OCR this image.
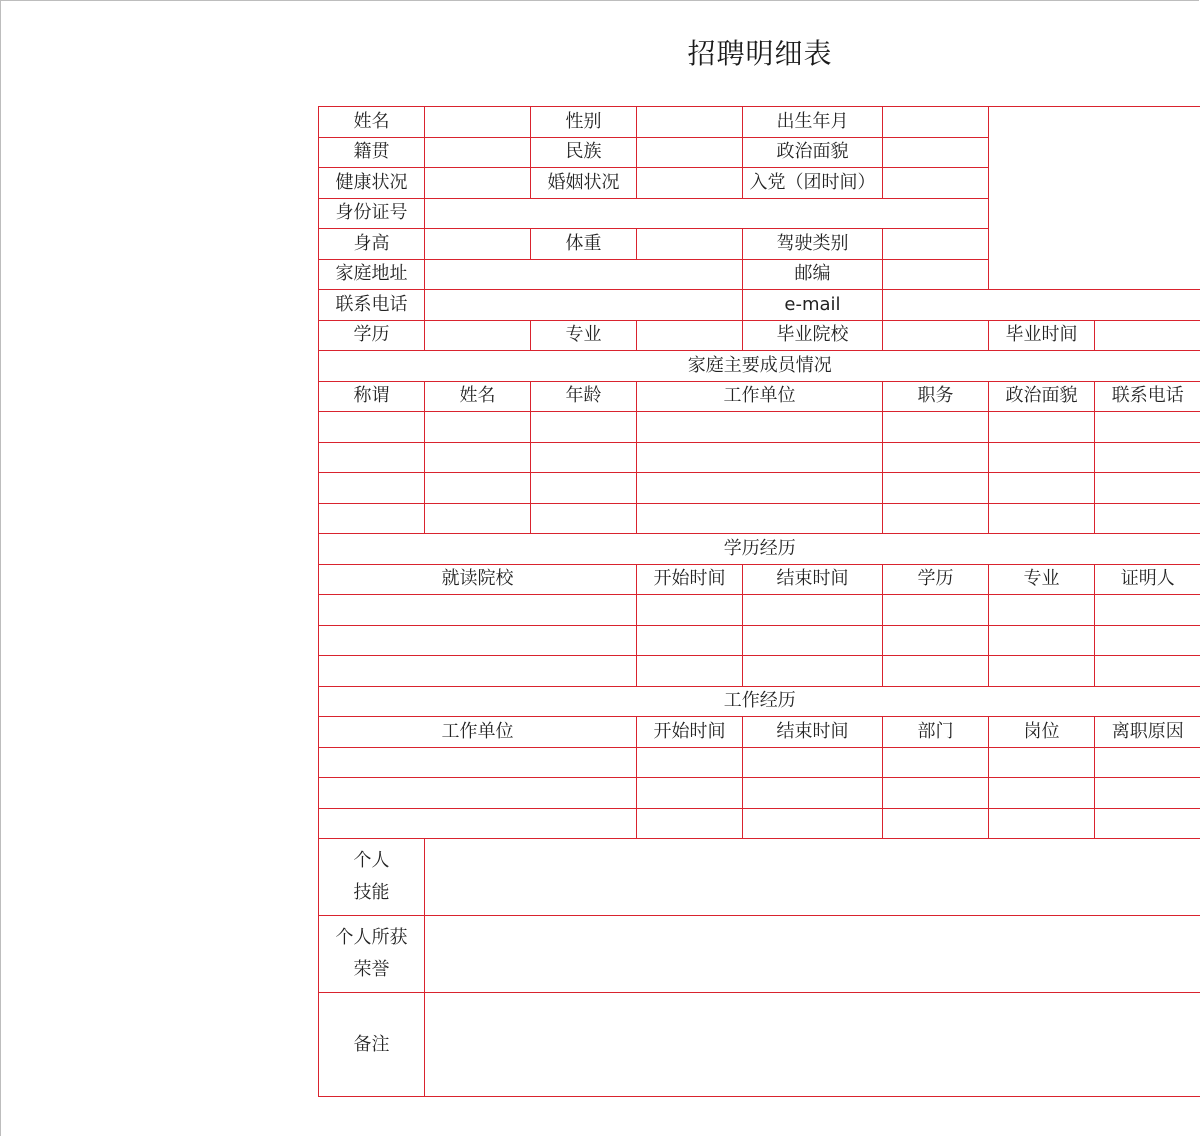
招聘明细表
姓名		性别		出生年月			
籍贯		民族		政治面貌			
健康状况		婚姻状况		入党（团时间）			
身份证号							
身高		体重		驾驶类别			
家庭地址				邮编			
联系电话				e-mail			
学历		专业		毕业院校		毕业时间	
家庭主要成员情况							
称谓	姓名	年龄	工作单位		职务	政治面貌	联系电话

学历经历							
就读院校			开始时间	结束时间	学历	专业	证明人

工作经历							
工作单位			开始时间	结束时间	部门	岗位	离职原因

个人
技能							

个人所获
荣誉							

备注							
